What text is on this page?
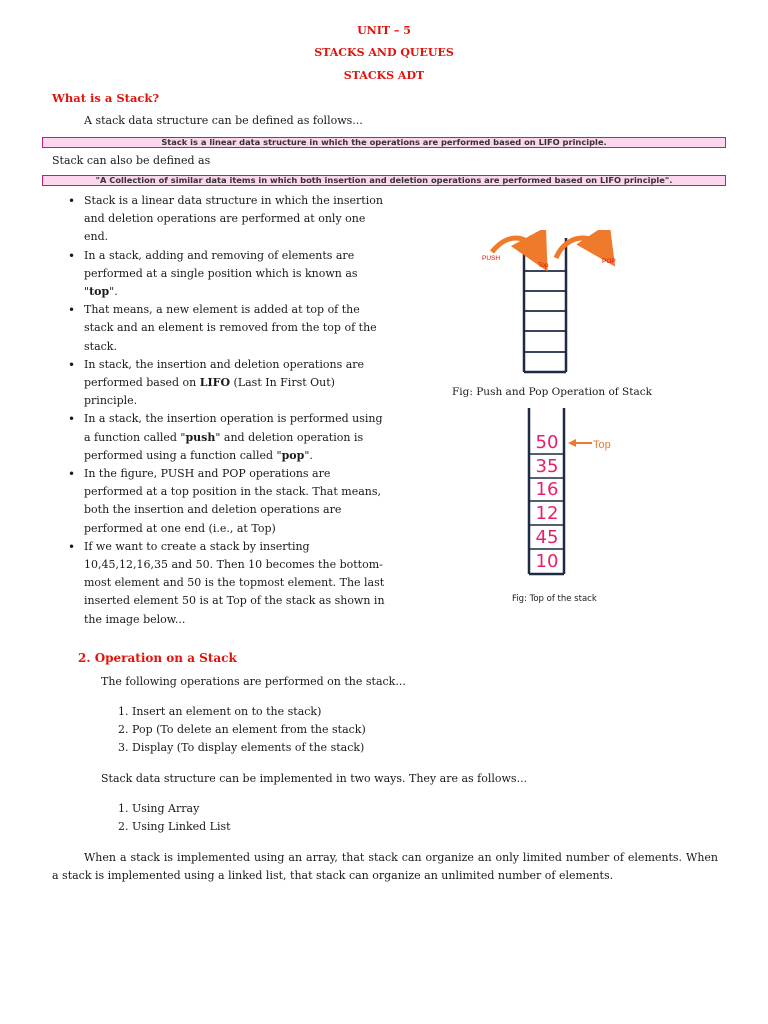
UNIT – 5
STACKS AND QUEUES
STACKS ADT
What is a Stack?
A stack data structure can be defined as follows...
Stack is a linear data structure in which the operations are performed based on LIFO principle.
Stack can also be defined as
"A Collection of similar data items in which both insertion and deletion operations are performed based on LIFO principle".
• Stack is a linear data structure in which the insertion and deletion operations are performed at only one end.
• In a stack, adding and removing of elements are performed at a single position which is known as "top".
• That means, a new element is added at top of the stack and an element is removed from the top of the stack.
• In stack, the insertion and deletion operations are performed based on LIFO (Last In First Out) principle.
• In a stack, the insertion operation is performed using a function called "push" and deletion operation is performed using a function called "pop".
• In the figure, PUSH and POP operations are performed at a top position in the stack. That means, both the insertion and deletion operations are performed at one end (i.e., at Top)
• If we want to create a stack by inserting 10,45,12,16,35 and 50. Then 10 becomes the bottom-most element and 50 is the topmost element. The last inserted element 50 is at Top of the stack as shown in the image below...
PUSH
Top
POP
Fig: Push and Pop Operation of Stack
50
35
16
12
45
10
Top
Fig: Top of the stack
2. Operation on a Stack
The following operations are performed on the stack...
1. Insert an element on to the stack)
2. Pop (To delete an element from the stack)
3. Display (To display elements of the stack)
Stack data structure can be implemented in two ways. They are as follows...
1. Using Array
2. Using Linked List
When a stack is implemented using an array, that stack can organize an only limited number of elements. When a stack is implemented using a linked list, that stack can organize an unlimited number of elements.
